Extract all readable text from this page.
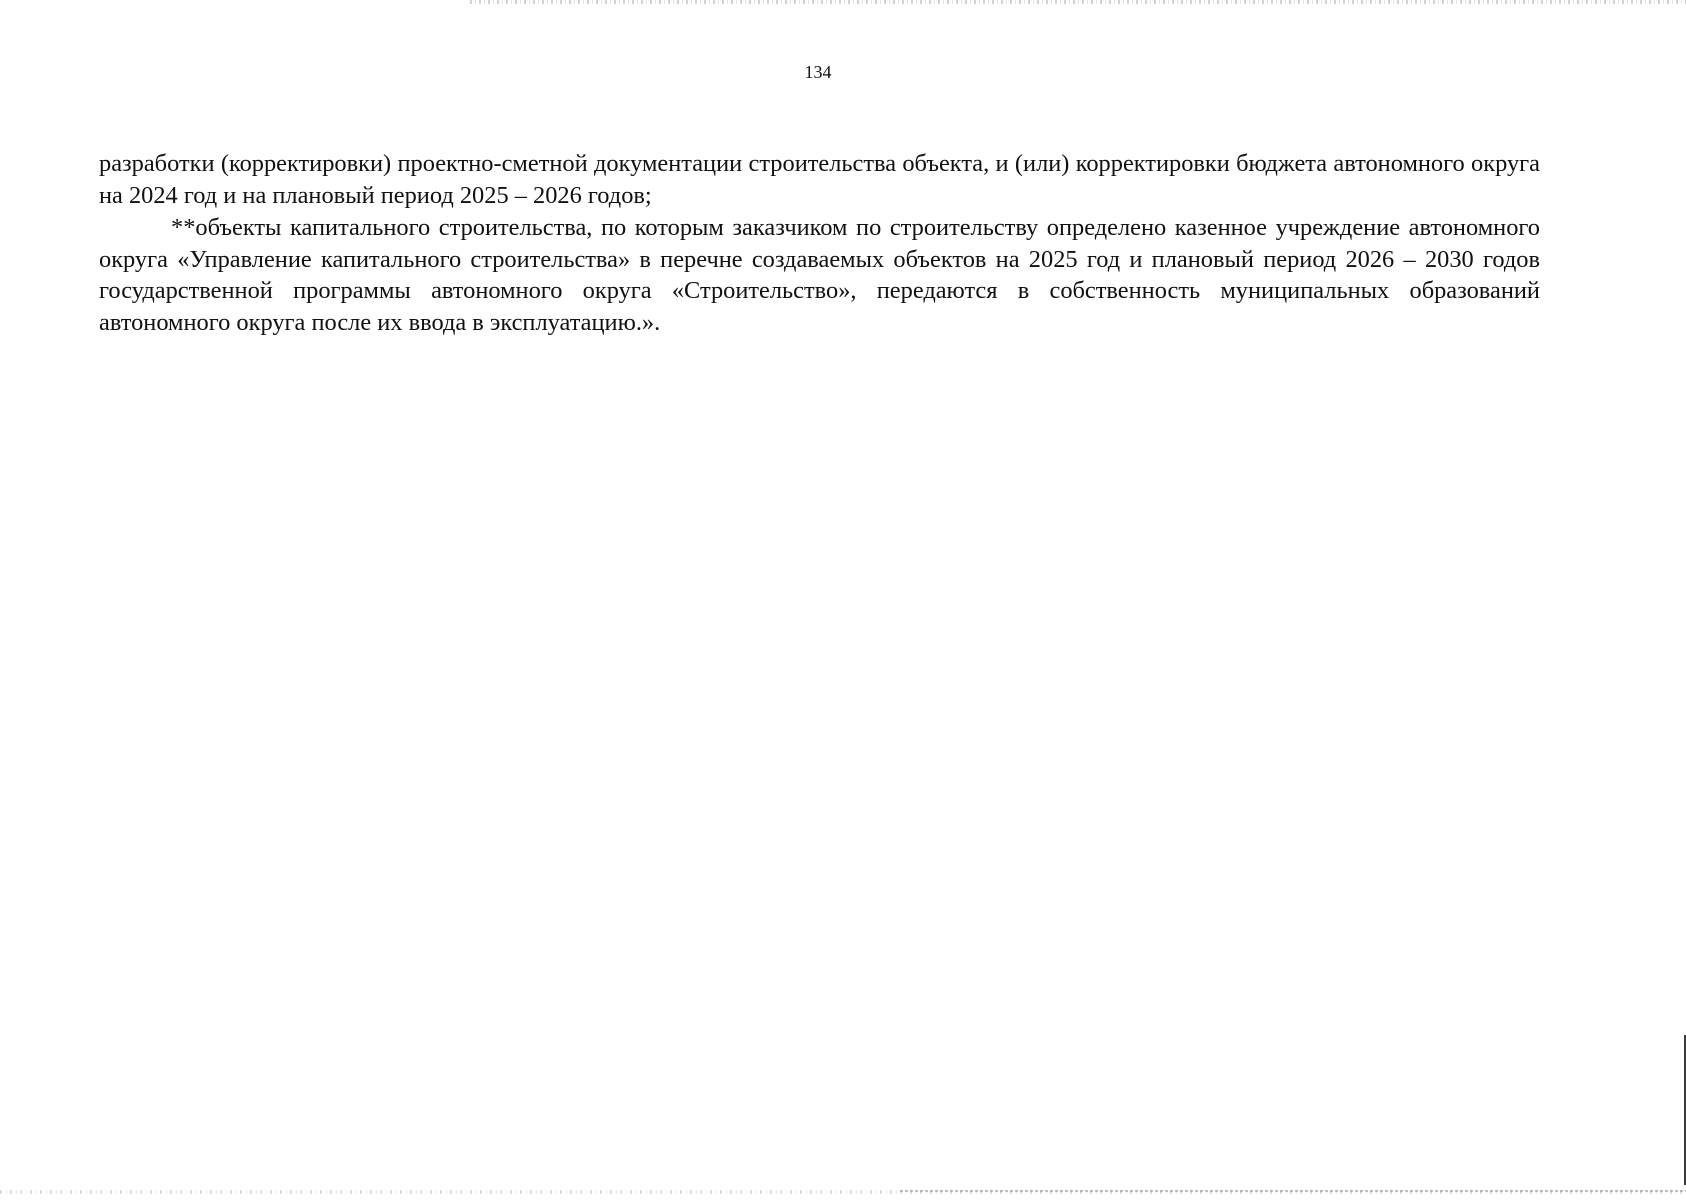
134

разработки (корректировки) проектно-сметной документации строительства объекта, и (или) корректировки бюджета автономного округа на 2024 год и на плановый период 2025 – 2026 годов;

**объекты капитального строительства, по которым заказчиком по строительству определено казенное учреждение автономного округа «Управление капитального строительства» в перечне создаваемых объектов на 2025 год и плановый период 2026 – 2030 годов государственной программы автономного округа «Строительство», передаются в собственность муниципальных образований автономного округа после их ввода в эксплуатацию.».
